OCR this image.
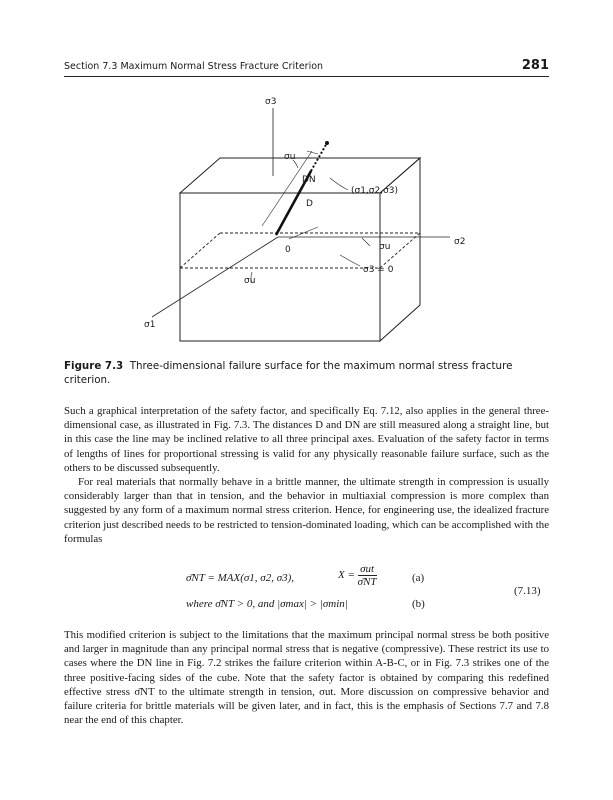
Section 7.3 Maximum Normal Stress Fracture Criterion	281
σ3
σu
DN
(σ1,σ2,σ3)
D
0	σu	σ2
σu
σ3 = 0
σ1
Figure 7.3 Three-dimensional failure surface for the maximum normal stress fracture criterion.

Such a graphical interpretation of the safety factor, and specifically Eq. 7.12, also applies in the general three-dimensional case, as illustrated in Fig. 7.3. The distances D and DN are still measured along a straight line, but in this case the line may be inclined relative to all three principal axes. Evaluation of the safety factor in terms of lengths of lines for proportional stressing is valid for any physically reasonable failure surface, such as the others to be discussed subsequently.

For real materials that normally behave in a brittle manner, the ultimate strength in compression is usually considerably larger than that in tension, and the behavior in multiaxial compression is more complex than suggested by any form of a maximum normal stress criterion. Hence, for engineering use, the idealized fracture criterion just described needs to be restricted to tension-dominated loading, which can be accomplished with the formulas

σ̄NT = MAX(σ1, σ2, σ3),	$X = \frac{\text{σut}}{\sigmāNT}$	(a)
where σ̄NT > 0, and |σmax| > |σmin|	(b)
(7.13)

This modified criterion is subject to the limitations that the maximum principal normal stress be both positive and larger in magnitude than any principal normal stress that is negative (compressive). These restrict its use to cases where the DN line in Fig. 7.2 strikes the failure criterion within A-B-C, or in Fig. 7.3 strikes one of the three positive-facing sides of the cube. Note that the safety factor is obtained by comparing this redefined effective stress σ̄NT to the ultimate strength in tension, σut. More discussion on compressive behavior and failure criteria for brittle materials will be given later, and in fact, this is the emphasis of Sections 7.7 and 7.8 near the end of this chapter.
